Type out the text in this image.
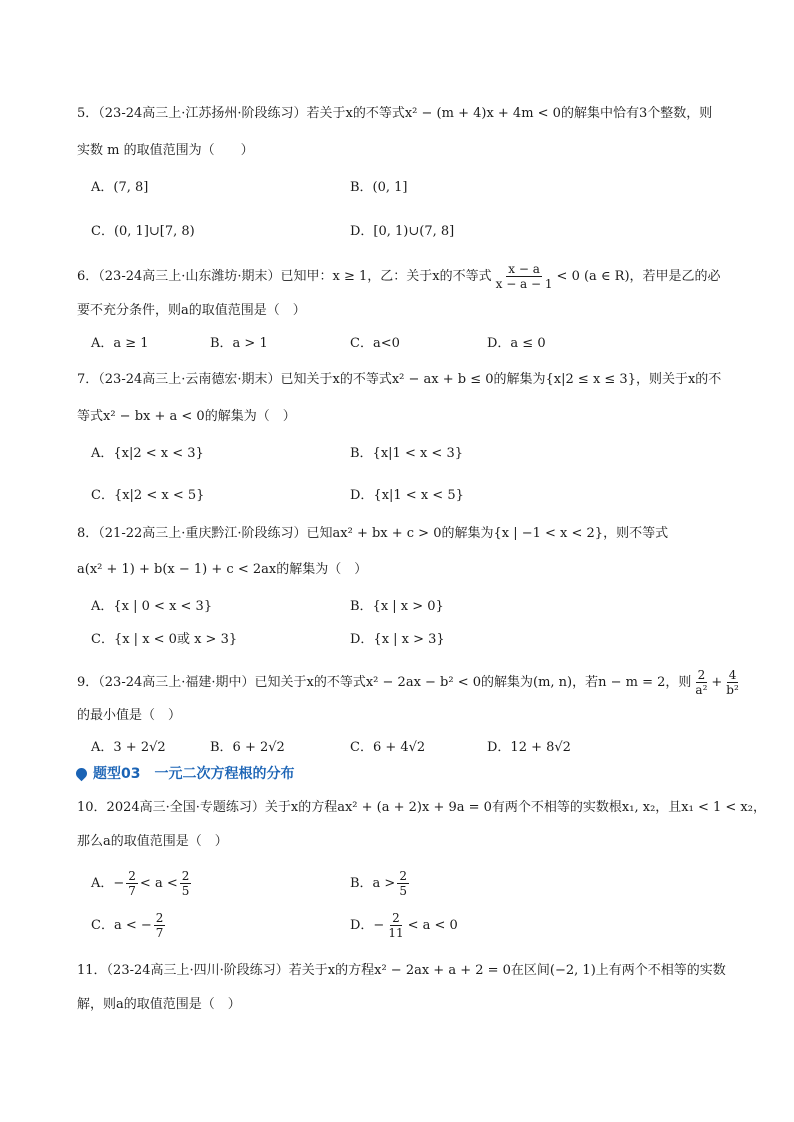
5．（23-24高三上·江苏扬州·阶段练习）若关于x的不等式x² − (m + 4)x + 4m < 0的解集中恰有3个整数，则
实数 m 的取值范围为（　　）
A．(7, 8]	B．(0, 1]
C．(0, 1]∪[7, 8)	D．[0, 1)∪(7, 8]
6．（23-24高三上·山东潍坊·期末）已知甲：x ≥ 1，乙：关于x的不等式 $\frac{x - a}{x - a - 1} < 0$ (a ∈ R)，若甲是乙的必
要不充分条件，则a的取值范围是（　）
A．a ≥ 1	B．a > 1	C．a<0	D．a ≤ 0
7．（23-24高三上·云南德宏·期末）已知关于x的不等式x² − ax + b ≤ 0的解集为{x|2 ≤ x ≤ 3}，则关于x的不
等式x² − bx + a < 0的解集为（　）
A．{x|2 < x < 3}	B．{x|1 < x < 3}
C．{x|2 < x < 5}	D．{x|1 < x < 5}
8．（21-22高三上·重庆黔江·阶段练习）已知ax² + bx + c > 0的解集为{x | −1 < x < 2}，则不等式
a(x² + 1) + b(x − 1) + c < 2ax的解集为（　）
A．{x | 0 < x < 3}	B．{x | x > 0}
C．{x | x < 0或 x > 3}	D．{x | x > 3}
9．（23-24高三上·福建·期中）已知关于x的不等式x² − 2ax − b² < 0的解集为(m, n)，若n − m = 2，则 $\frac{2}{\text{a²}} + \frac{4}{\text{b²}}$
的最小值是（　）
A．3 + 2√2	B．6 + 2√2	C．6 + 4√2	D．12 + 8√2
题型03 一元二次方程根的分布
10．2024高三·全国·专题练习）关于x的方程ax² + (a + 2)x + 9a = 0有两个不相等的实数根x₁, x₂，且x₁ < 1 < x₂，
那么a的取值范围是（　）
A．− $\frac{2}{7} < a < \frac{2}{5}$	B．$a > \frac{2}{5}$
C．a < − $\frac{2}{7}$	D．− $\frac{2}{11} < a < 0$
11．（23-24高三上·四川·阶段练习）若关于x的方程x² − 2ax + a + 2 = 0在区间(−2, 1)上有两个不相等的实数
解，则a的取值范围是（　）
